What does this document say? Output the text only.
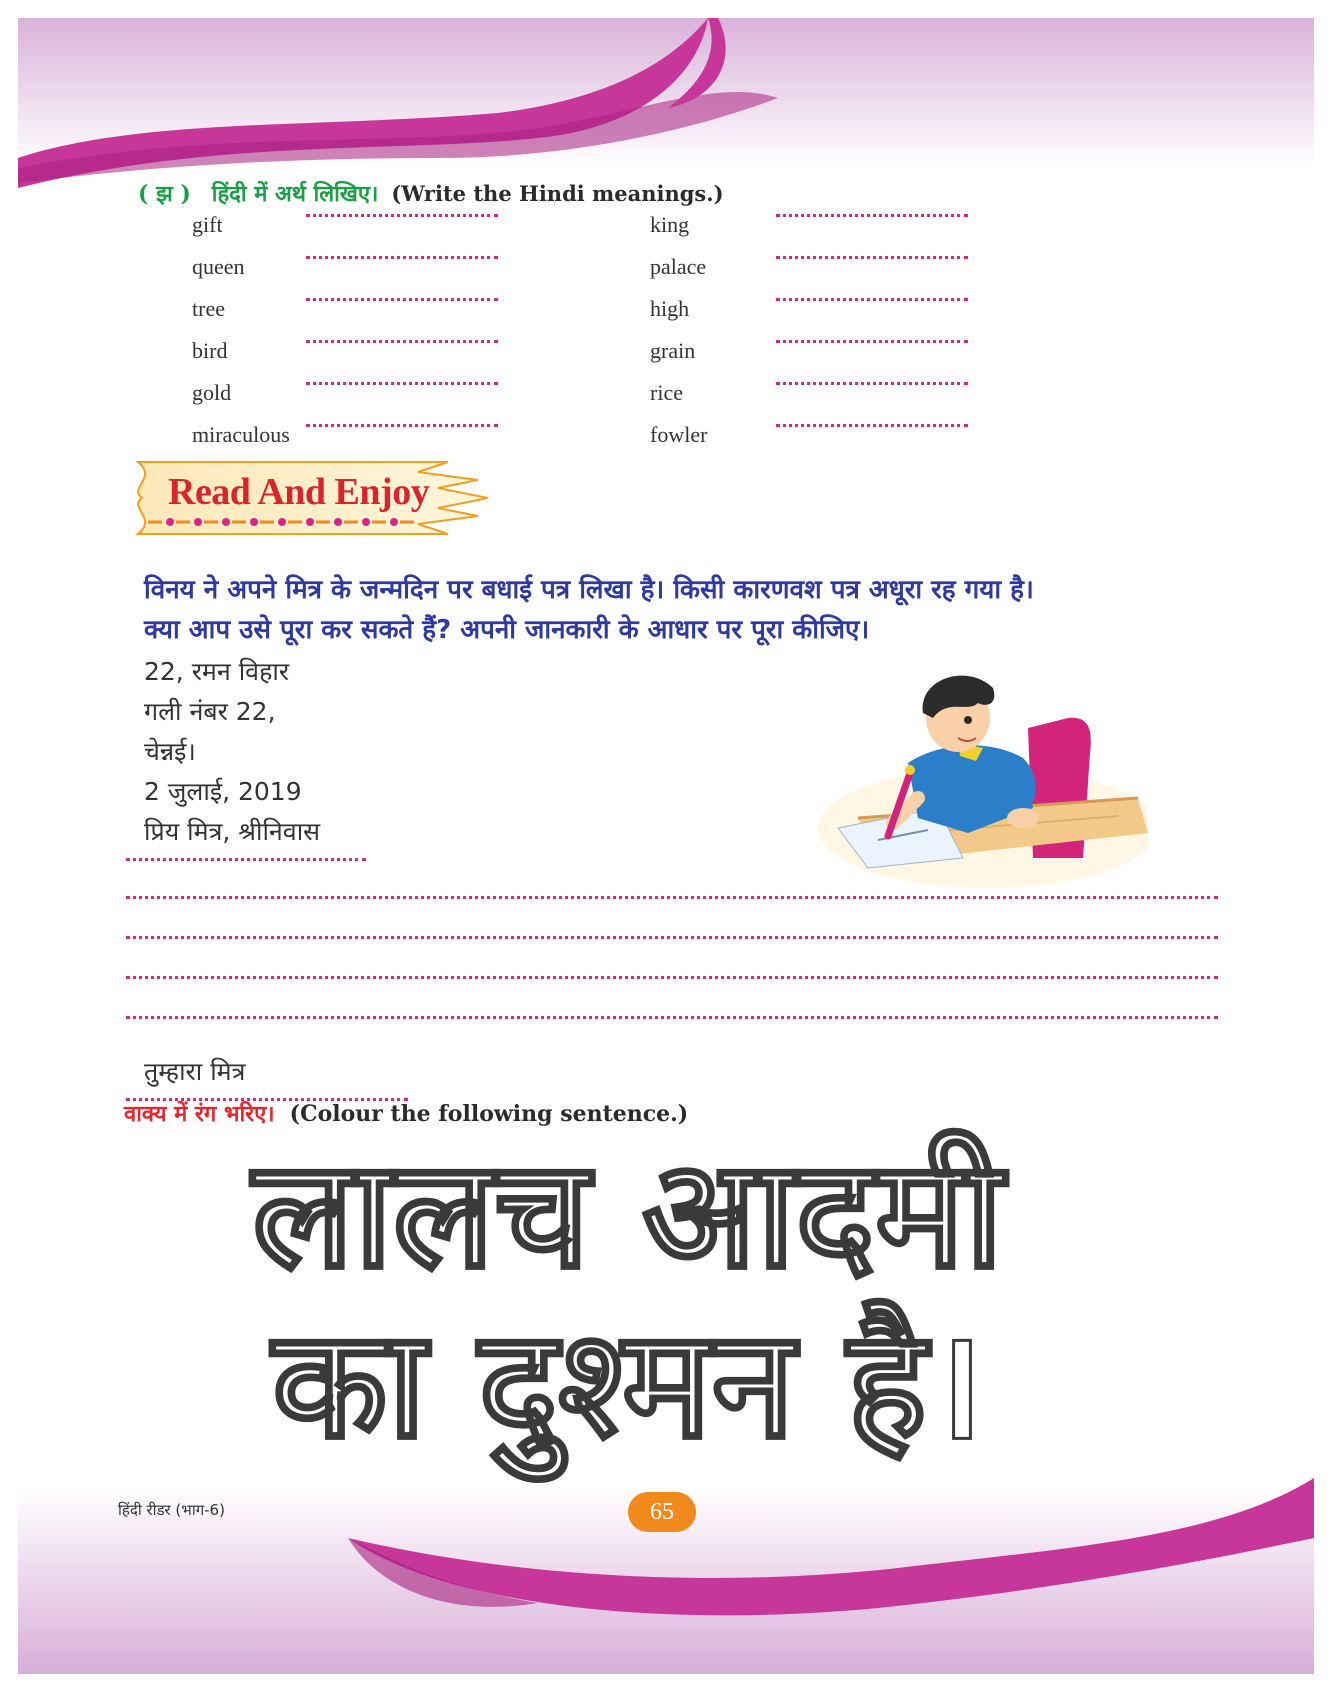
( झ ) हिंदी में अर्थ लिखिए। (Write the Hindi meanings.)
gift
queen
tree
bird
gold
miraculous
king
palace
high
grain
rice
fowler
Read And Enjoy
विनय ने अपने मित्र के जन्मदिन पर बधाई पत्र लिखा है। किसी कारणवश पत्र अधूरा रह गया है।
क्या आप उसे पूरा कर सकते हैं? अपनी जानकारी के आधार पर पूरा कीजिए।
22, रमन विहार
गली नंबर 22,
चेन्नई।
2 जुलाई, 2019
प्रिय मित्र, श्रीनिवास
तुम्हारा मित्र
वाक्य में रंग भरिए। (Colour the following sentence.)
लालच आदमी
का दुश्मन है।
हिंदी रीडर (भाग-6)	65
